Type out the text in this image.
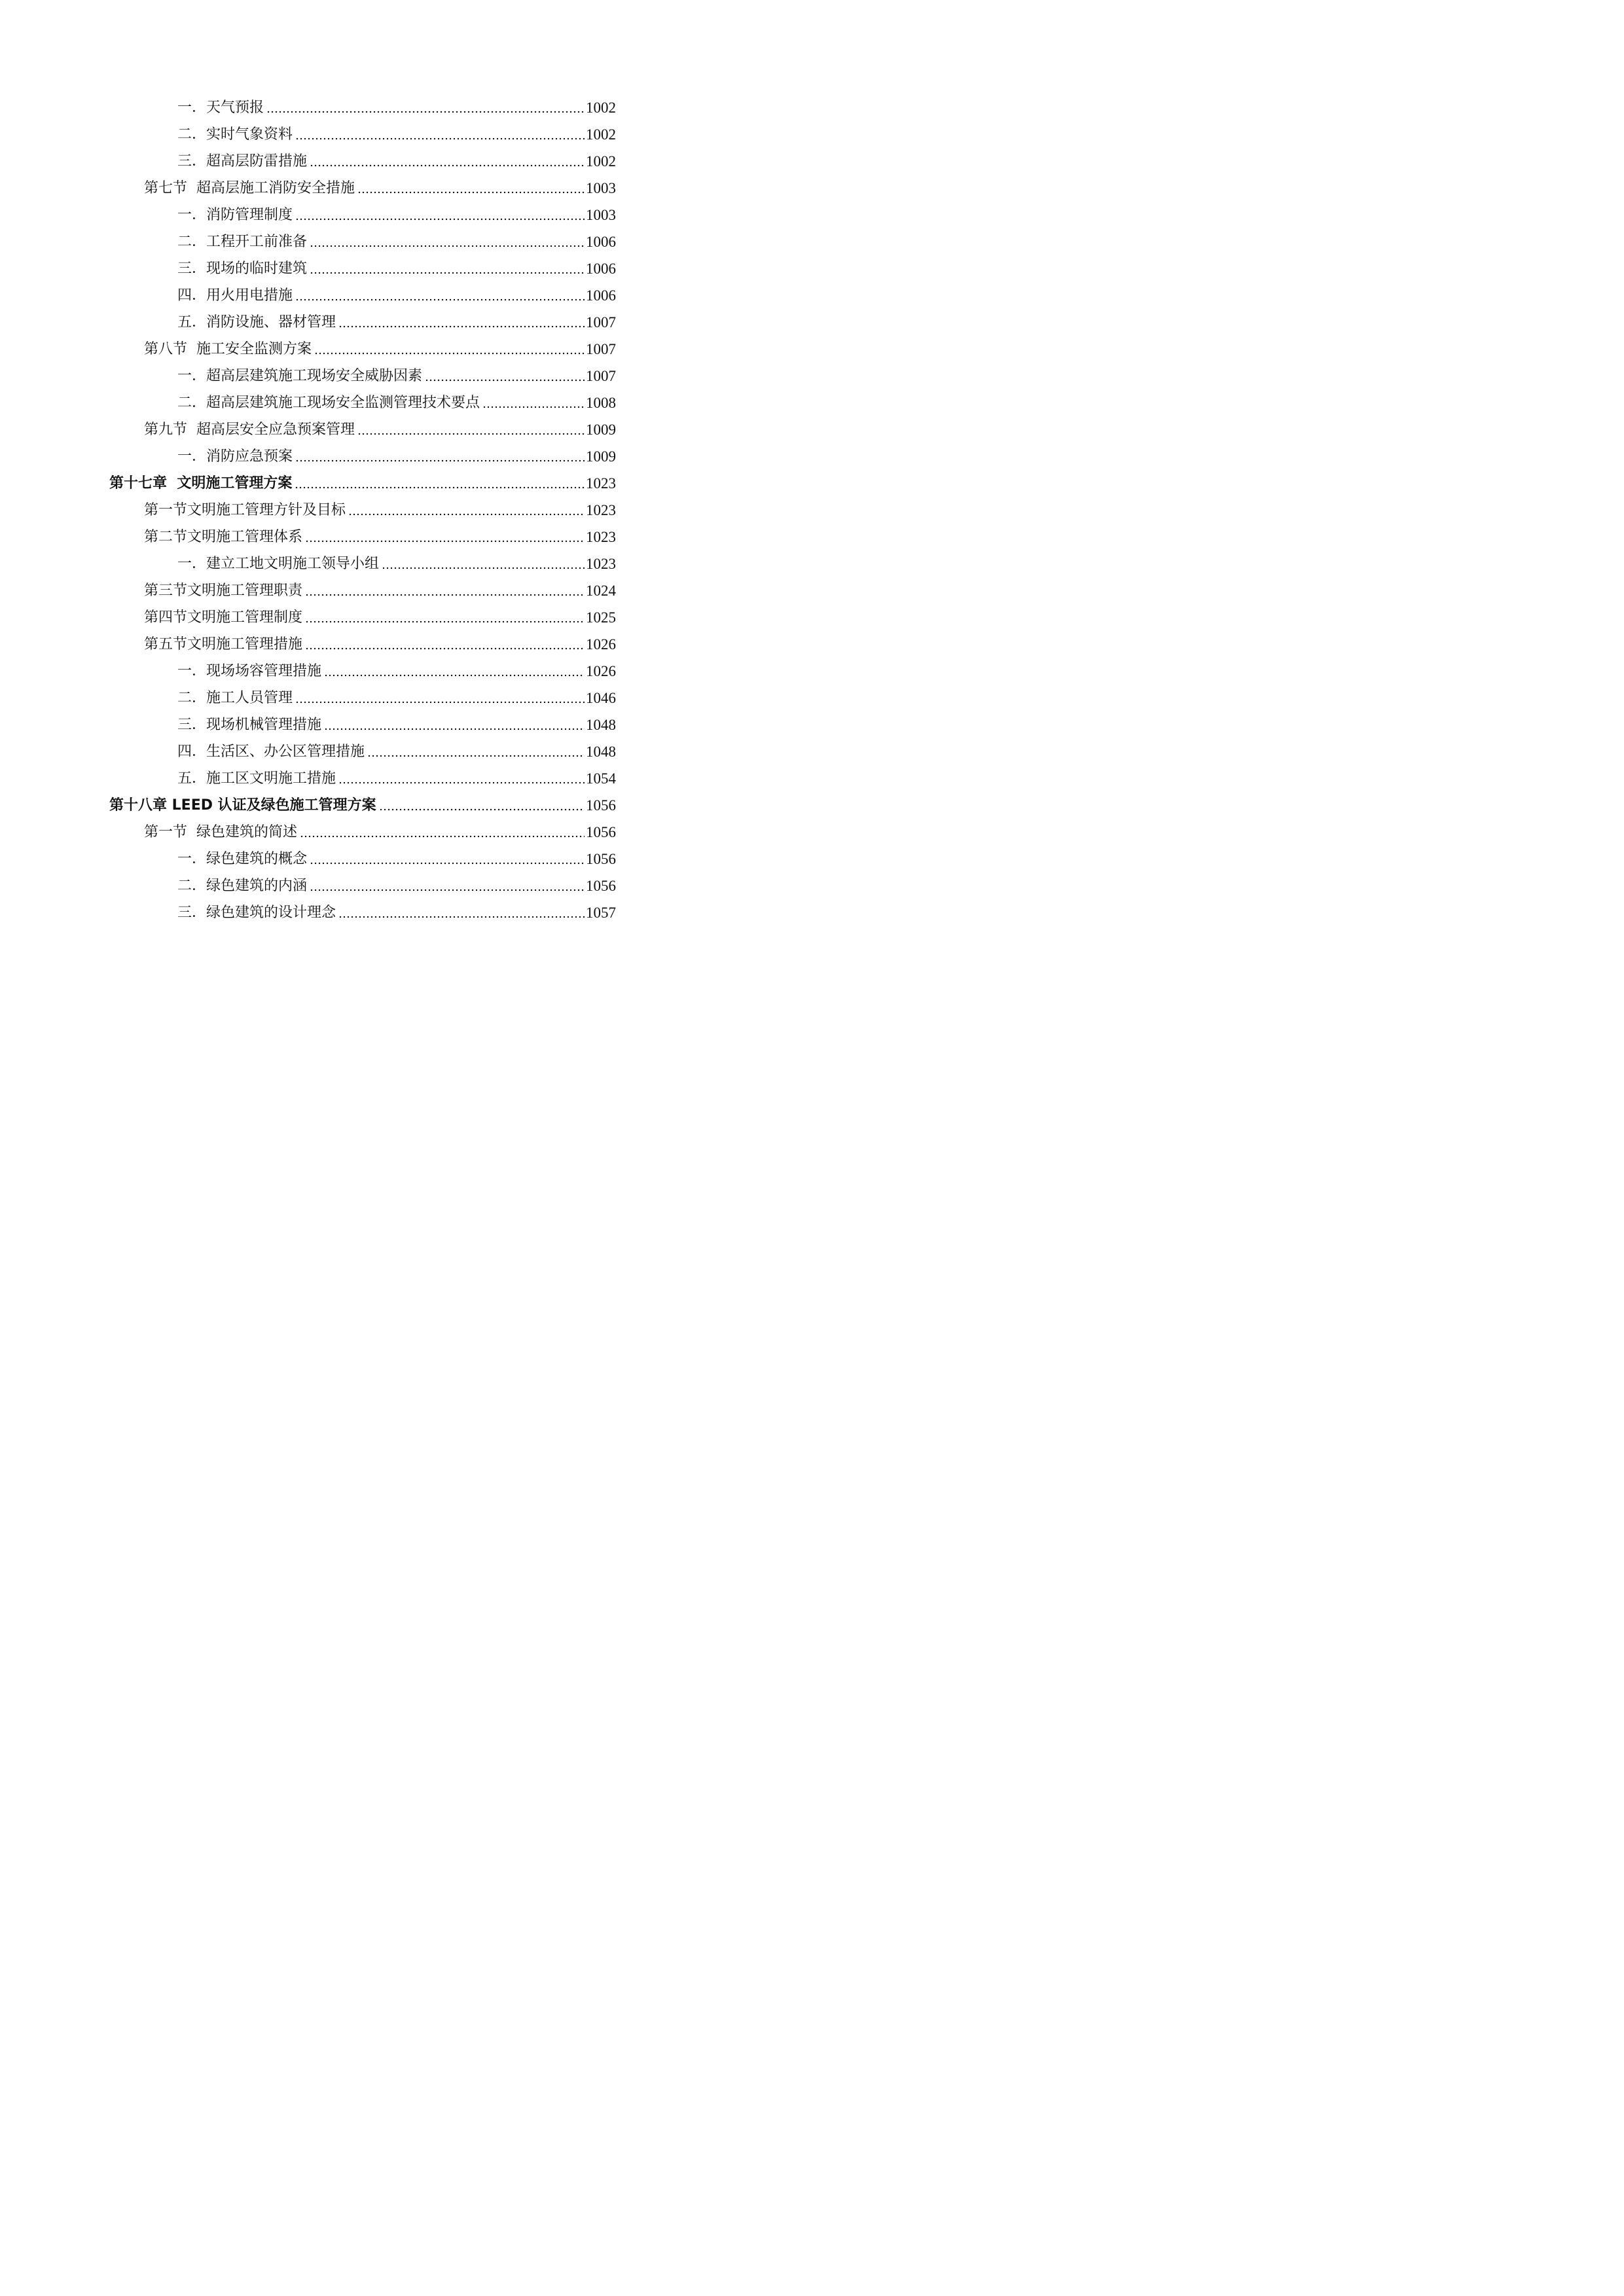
一．天气预报	1002
二．实时气象资料	1002
三．超高层防雷措施	1002
第七节  超高层施工消防安全措施	1003
一．消防管理制度	1003
二．工程开工前准备	1006
三．现场的临时建筑	1006
四．用火用电措施	1006
五．消防设施、器材管理	1007
第八节  施工安全监测方案	1007
一．超高层建筑施工现场安全威胁因素	1007
二．超高层建筑施工现场安全监测管理技术要点	1008
第九节  超高层安全应急预案管理	1009
一．消防应急预案	1009
第十七章  文明施工管理方案	1023
第一节文明施工管理方针及目标	1023
第二节文明施工管理体系	1023
一．建立工地文明施工领导小组	1023
第三节文明施工管理职责	1024
第四节文明施工管理制度	1025
第五节文明施工管理措施	1026
一．现场场容管理措施	1026
二．施工人员管理	1046
三．现场机械管理措施	1048
四．生活区、办公区管理措施	1048
五．施工区文明施工措施	1054
第十八章 LEED 认证及绿色施工管理方案	1056
第一节  绿色建筑的简述	1056
一．绿色建筑的概念	1056
二．绿色建筑的内涵	1056
三．绿色建筑的设计理念	1057
